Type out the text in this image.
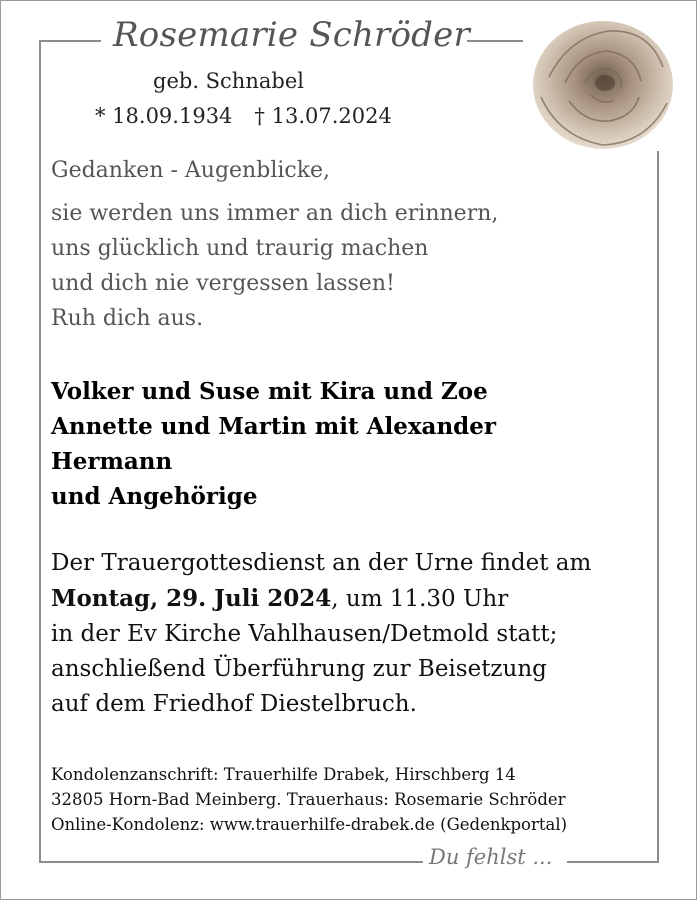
Rosemarie Schröder
geb. Schnabel
* 18.09.1934 † 13.07.2024
Gedanken - Augenblicke,
sie werden uns immer an dich erinnern,
uns glücklich und traurig machen
und dich nie vergessen lassen!
Ruh dich aus.
Volker und Suse mit Kira und Zoe
Annette und Martin mit Alexander
Hermann
und Angehörige
Der Trauergottesdienst an der Urne findet am
Montag, 29. Juli 2024, um 11.30 Uhr
in der Ev Kirche Vahlhausen/Detmold statt;
anschließend Überführung zur Beisetzung
auf dem Friedhof Diestelbruch.
Kondolenzanschrift: Trauerhilfe Drabek, Hirschberg 14
32805 Horn-Bad Meinberg. Trauerhaus: Rosemarie Schröder
Online-Kondolenz: www.trauerhilfe-drabek.de (Gedenkportal)
Du fehlst ...
